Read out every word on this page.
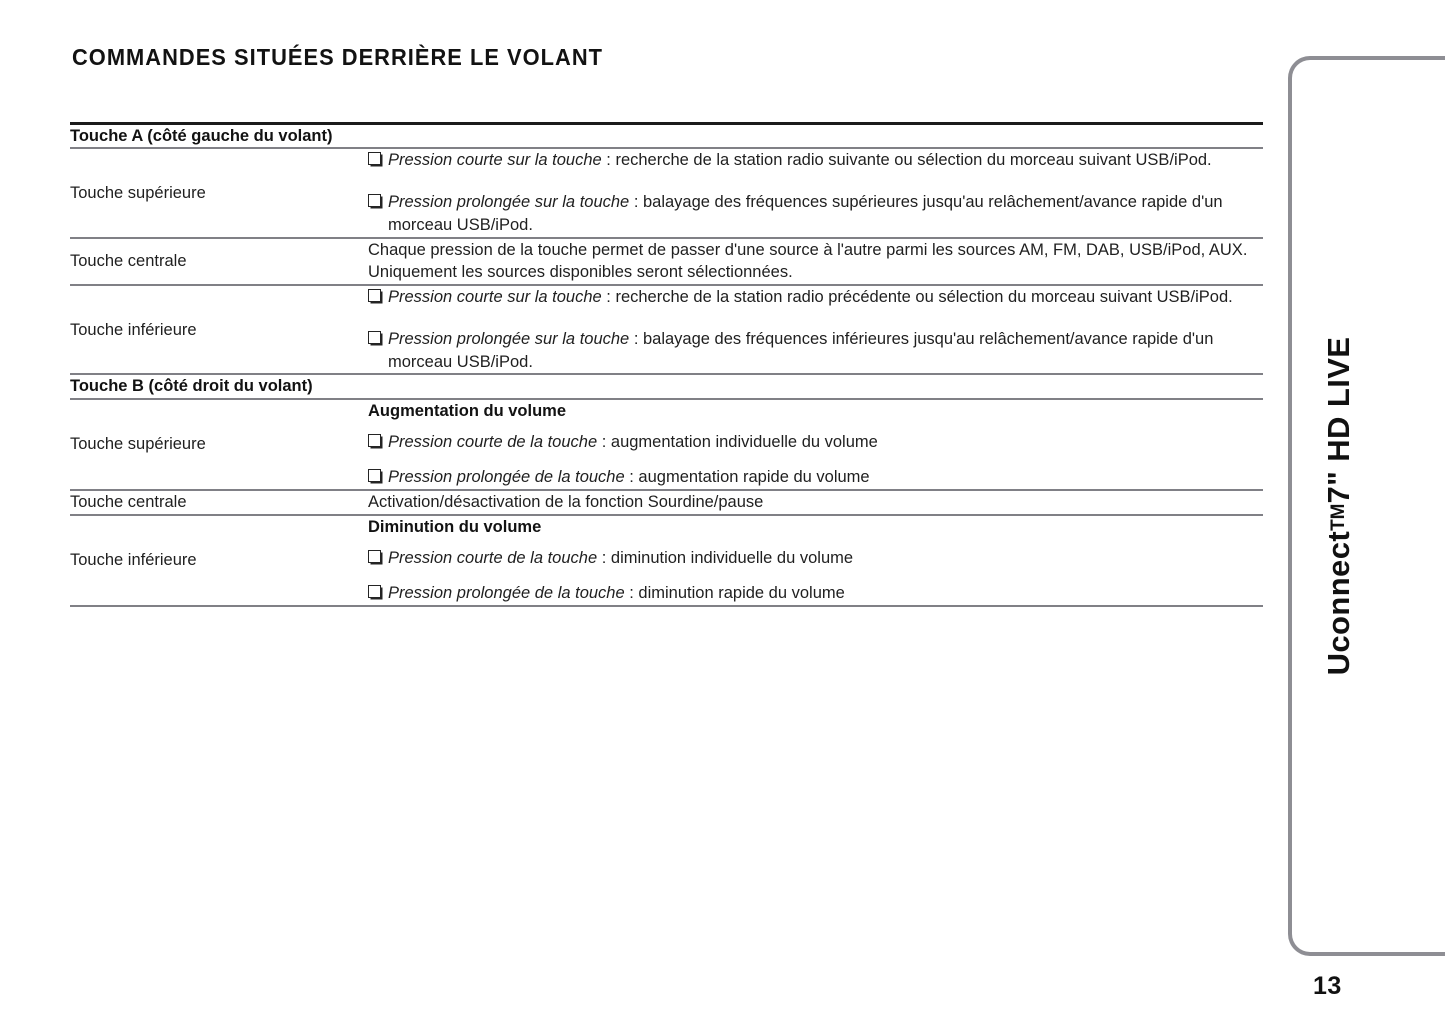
COMMANDES SITUÉES DERRIÈRE LE VOLANT
Touche A (côté gauche du volant)	
Touche supérieure	Pression courte sur la touche : recherche de la station radio suivante ou sélection du morceau suivant USB/iPod.
Pression prolongée sur la touche : balayage des fréquences supérieures jusqu'au relâchement/avance rapide d'un morceau USB/iPod.

Touche centrale	Chaque pression de la touche permet de passer d'une source à l'autre parmi les sources AM, FM, DAB, USB/iPod, AUX. Uniquement les sources disponibles seront sélectionnées.
Touche inférieure	Pression courte sur la touche : recherche de la station radio précédente ou sélection du morceau suivant USB/iPod.
Pression prolongée sur la touche : balayage des fréquences inférieures jusqu'au relâchement/avance rapide d'un morceau USB/iPod.

Touche B (côté droit du volant)	
Touche supérieure	Augmentation du volume
Pression courte de la touche : augmentation individuelle du volume
Pression prolongée de la touche : augmentation rapide du volume

Touche centrale	Activation/désactivation de la fonction Sourdine/pause
Touche inférieure	Diminution du volume
Pression courte de la touche : diminution individuelle du volume
Pression prolongée de la touche : diminution rapide du volume

		Uconnect
TM
7" HD LIVE
13
